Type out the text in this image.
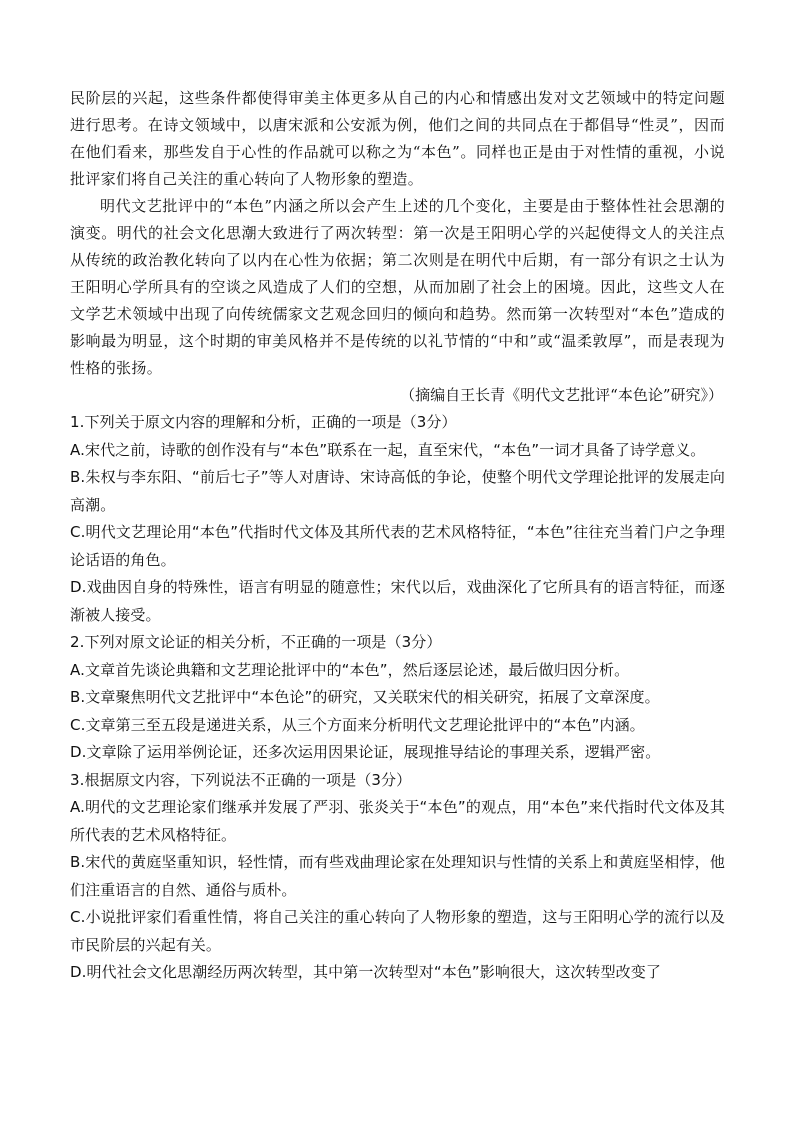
民阶层的兴起，这些条件都使得审美主体更多从自己的内心和情感出发对文艺领域中的特定问题进行思考。在诗文领域中，以唐宋派和公安派为例，他们之间的共同点在于都倡导“性灵”，因而在他们看来，那些发自于心性的作品就可以称之为“本色”。同样也正是由于对性情的重视，小说批评家们将自己关注的重心转向了人物形象的塑造。

明代文艺批评中的“本色”内涵之所以会产生上述的几个变化，主要是由于整体性社会思潮的演变。明代的社会文化思潮大致进行了两次转型：第一次是王阳明心学的兴起使得文人的关注点从传统的政治教化转向了以内在心性为依据；第二次则是在明代中后期，有一部分有识之士认为王阳明心学所具有的空谈之风造成了人们的空想，从而加剧了社会上的困境。因此，这些文人在文学艺术领域中出现了向传统儒家文艺观念回归的倾向和趋势。然而第一次转型对“本色”造成的影响最为明显，这个时期的审美风格并不是传统的以礼节情的“中和”或“温柔敦厚”，而是表现为性格的张扬。

（摘编自王长青《明代文艺批评“本色论”研究》）

1.下列关于原文内容的理解和分析，正确的一项是（3分）

A.宋代之前，诗歌的创作没有与“本色”联系在一起，直至宋代，“本色”一词才具备了诗学意义。

B.朱权与李东阳、“前后七子”等人对唐诗、宋诗高低的争论，使整个明代文学理论批评的发展走向高潮。

C.明代文艺理论用“本色”代指时代文体及其所代表的艺术风格特征，“本色”往往充当着门户之争理论话语的角色。

D.戏曲因自身的特殊性，语言有明显的随意性；宋代以后，戏曲深化了它所具有的语言特征，而逐渐被人接受。

2.下列对原文论证的相关分析，不正确的一项是（3分）

A.文章首先谈论典籍和文艺理论批评中的“本色”，然后逐层论述，最后做归因分析。

B.文章聚焦明代文艺批评中“本色论”的研究，又关联宋代的相关研究，拓展了文章深度。

C.文章第三至五段是递进关系，从三个方面来分析明代文艺理论批评中的“本色”内涵。

D.文章除了运用举例论证，还多次运用因果论证，展现推导结论的事理关系，逻辑严密。

3.根据原文内容，下列说法不正确的一项是（3分）

A.明代的文艺理论家们继承并发展了严羽、张炎关于“本色”的观点，用“本色”来代指时代文体及其所代表的艺术风格特征。

B.宋代的黄庭坚重知识，轻性情，而有些戏曲理论家在处理知识与性情的关系上和黄庭坚相悖，他们注重语言的自然、通俗与质朴。

C.小说批评家们看重性情，将自己关注的重心转向了人物形象的塑造，这与王阳明心学的流行以及市民阶层的兴起有关。

D.明代社会文化思潮经历两次转型，其中第一次转型对“本色”影响很大，这次转型改变了
